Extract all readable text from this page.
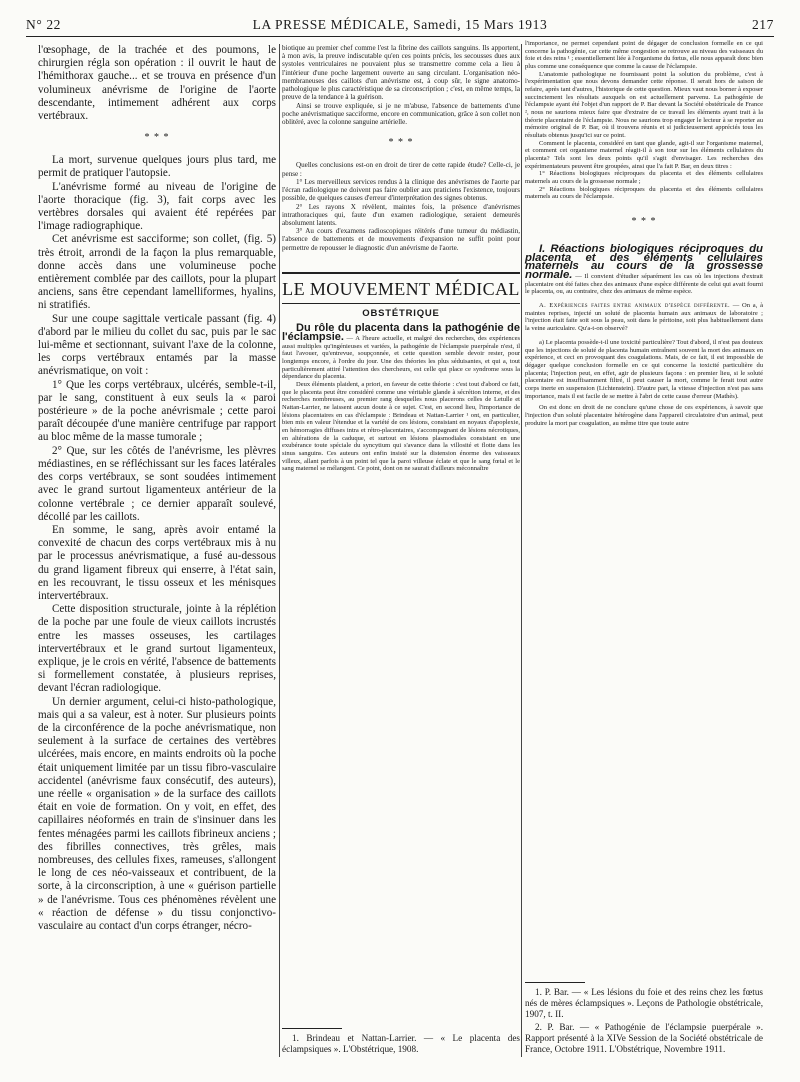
LA PRESSE MÉDICALE, Samedi, 15 Mars 1913
N° 22	217

l'œsophage, de la trachée et des poumons, le chirurgien régla son opération : il ouvrit le haut de l'hémithorax gauche... et se trouva en présence d'un volumineux anévrisme de l'origine de l'aorte descendante, intimement adhérent aux corps vertébraux.

* * *

La mort, survenue quelques jours plus tard, me permit de pratiquer l'autopsie.

L'anévrisme formé au niveau de l'origine de l'aorte thoracique (fig. 3), fait corps avec les vertèbres dorsales qui avaient été repérées par l'image radiographique.

Cet anévrisme est sacciforme; son collet, (fig. 5) très étroit, arrondi de la façon la plus remarquable, donne accès dans une volumineuse poche entièrement comblée par des caillots, pour la plupart anciens, sans être cependant lamelliformes, hyalins, ni stratifiés.

Sur une coupe sagittale verticale passant (fig. 4) d'abord par le milieu du collet du sac, puis par le sac lui-même et sectionnant, suivant l'axe de la colonne, les corps vertébraux entamés par la masse anévrismatique, on voit :

1° Que les corps vertébraux, ulcérés, semble-t-il, par le sang, constituent à eux seuls la « paroi postérieure » de la poche anévrismale ; cette paroi paraît découpée d'une manière centrifuge par rapport au bloc même de la masse tumorale ;

2° Que, sur les côtés de l'anévrisme, les plèvres médiastines, en se réfléchissant sur les faces latérales des corps vertébraux, se sont soudées intimement avec le grand surtout ligamenteux antérieur de la colonne vertébrale ; ce dernier apparaît soulevé, décollé par les caillots.

En somme, le sang, après avoir entamé la convexité de chacun des corps vertébraux mis à nu par le processus anévrismatique, a fusé au-dessous du grand ligament fibreux qui enserre, à l'état sain, en les recouvrant, le tissu osseux et les ménisques intervertébraux.

Cette disposition structurale, jointe à la réplétion de la poche par une foule de vieux caillots incrustés entre les masses osseuses, les cartilages intervertébraux et le grand surtout ligamenteux, explique, je le crois en vérité, l'absence de battements si formellement constatée, à plusieurs reprises, devant l'écran radiologique.

Un dernier argument, celui-ci histo-pathologique, mais qui a sa valeur, est à noter. Sur plusieurs points de la circonférence de la poche anévrismatique, non seulement à la surface de certaines des vertèbres ulcérées, mais encore, en maints endroits où la poche était uniquement limitée par un tissu fibro-vasculaire accidentel (anévrisme faux consécutif, des auteurs), une réelle « organisation » de la surface des caillots était en voie de formation. On y voit, en effet, des capillaires néoformés en train de s'insinuer dans les fentes ménagées parmi les caillots fibrineux anciens ; des fibrilles connectives, très grêles, mais nombreuses, des cellules fixes, rameuses, s'allongent le long de ces néo-vaisseaux et contribuent, de la sorte, à la circonscription, à une « guérison partielle » de l'anévrisme. Tous ces phénomènes révèlent une « réaction de défense » du tissu conjonctivo-vasculaire au contact d'un corps étranger, nécro-

biotique au premier chef comme l'est la fibrine des caillots sanguins. Ils apportent, à mon avis, la preuve indiscutable qu'en ces points précis, les secousses dues aux systoles ventriculaires ne pouvaient plus se transmettre comme cela a lieu à l'intérieur d'une poche largement ouverte au sang circulant. L'organisation néo-membraneuses des caillots d'un anévrisme est, à coup sûr, le signe anatomo-pathologique le plus caractéristique de sa circonscription ; c'est, en même temps, la preuve de la tendance à la guérison.

Ainsi se trouve expliquée, si je ne m'abuse, l'absence de battements d'une poche anévrismatique sacciforme, encore en communication, grâce à son collet non oblitéré, avec la colonne sanguine artérielle.

* * *

Quelles conclusions est-on en droit de tirer de cette rapide étude? Celle-ci, je pense :

1° Les merveilleux services rendus à la clinique des anévrismes de l'aorte par l'écran radiologique ne doivent pas faire oublier aux praticiens l'existence, toujours possible, de quelques causes d'erreur d'interprétation des signes obtenus.

2° Les rayons X révèlent, maintes fois, la présence d'anévrismes intrathoraciques qui, faute d'un examen radiologique, seraient demeurés absolument latents.

3° Au cours d'examens radioscopiques réitérés d'une tumeur du médiastin, l'absence de battements et de mouvements d'expansion ne suffit point pour permettre de repousser le diagnostic d'un anévrisme de l'aorte.

LE MOUVEMENT MÉDICAL
OBSTÉTRIQUE

Du rôle du placenta dans la pathogénie de l'éclampsie. — A l'heure actuelle, et malgré des recherches, des expériences aussi multiples qu'ingénieuses et variées, la pathogénie de l'éclampsie puerpérale n'est, il faut l'avouer, qu'entrevue, soupçonnée, et cette question semble devoir rester, pour longtemps encore, à l'ordre du jour. Une des théories les plus séduisantes, et qui a, tout particulièrement attiré l'attention des chercheurs, est celle qui place ce syndrome sous la dépendance du placenta.

Deux éléments plaident, a priori, en faveur de cette théorie : c'est tout d'abord ce fait, que le placenta peut être considéré comme une véritable glande à sécrétion interne, et des recherches nombreuses, au premier rang desquelles nous placerons celles de Letulle et Nattan-Larrier, ne laissent aucun doute à ce sujet. C'est, en second lieu, l'importance de lésions placentaires en cas d'éclampsie : Brindeau et Nattan-Larrier ¹ ont, en particulier, bien mis en valeur l'étendue et la variété de ces lésions, consistant en noyaux d'apoplexie, en hémorragies diffuses intra et rétro-placentaires, s'accompagnant de lésions nécrotiques, en altérations de la caduque, et surtout en lésions plasmodiales consistant en une exubérance toute spéciale du syncytium qui s'avance dans la villosité et flotte dans les sinus sanguins. Ces auteurs ont enfin insisté sur la distension énorme des vaisseaux villeux, allant parfois à un point tel que la paroi villeuse éclate et que le sang fœtal et le sang maternel se mélangent. Ce point, dont on ne saurait d'ailleurs méconnaître

1. Brindeau et Nattan-Larrier. — « Le placenta des éclampsiques ». L'Obstétrique, 1908.

l'importance, ne permet cependant point de dégager de conclusion formelle en ce qui concerne la pathogénie, car cette même congestion se retrouve au niveau des vaisseaux du foie et des reins ¹ ; essentiellement liée à l'organisme du fœtus, elle nous apparaît donc bien plus comme une conséquence que comme la cause de l'éclampsie.

L'anatomie pathologique ne fournissant point la solution du problème, c'est à l'expérimentation que nous devons demander cette réponse. Il serait hors de saison de refaire, après tant d'autres, l'historique de cette question. Mieux vaut nous borner à exposer succinctement les résultats auxquels on est actuellement parvenu. La pathogénie de l'éclampsie ayant été l'objet d'un rapport de P. Bar devant la Société obstétricale de France ², nous ne saurions mieux faire que d'extraire de ce travail les éléments ayant trait à la théorie placentaire de l'éclampsie. Nous ne saurions trop engager le lecteur à se reporter au mémoire original de P. Bar, où il trouvera réunis et si judicieusement appréciés tous les résultats obtenus jusqu'ici sur ce point.

Comment le placenta, considéré en tant que glande, agit-il sur l'organisme maternel, et comment cet organisme maternel réagit-il à son tour sur les éléments cellulaires du placenta? Tels sont les deux points qu'il s'agit d'envisager. Les recherches des expérimentateurs peuvent être groupées, ainsi que l'a fait P. Bar, en deux titres :

1° Réactions biologiques réciproques du placenta et des éléments cellulaires maternels au cours de la grossesse normale ;

2° Réactions biologiques réciproques du placenta et des éléments cellulaires maternels au cours de l'éclampsie.

* * *

I. Réactions biologiques réciproques du placenta et des éléments cellulaires maternels au cours de la grossesse normale. — Il convient d'étudier séparément les cas où les injections d'extrait placentaire ont été faites chez des animaux d'une espèce différente de celui qui avait fourni le placenta, ou, au contraire, chez des animaux de même espèce.

A. Expériences faites entre animaux d'espèce différente. — On a, à maintes reprises, injecté un soluté de placenta humain aux animaux de laboratoire ; l'injection était faite soit sous la peau, soit dans le péritoine, soit plus habituellement dans la veine auriculaire. Qu'a-t-on observé?

a) Le placenta possède-t-il une toxicité particulière? Tout d'abord, il n'est pas douteux que les injections de soluté de placenta humain entraînent souvent la mort des animaux en expérience, et ceci en provoquant des coagulations. Mais, de ce fait, il est impossible de dégager quelque conclusion formelle en ce qui concerne la toxicité particulière du placenta; l'injection peut, en effet, agir de plusieurs façons : en premier lieu, si le soluté placentaire est insuffisamment filtré, il peut causer la mort, comme le ferait tout autre corps inerte en suspension (Lichtenstein). D'autre part, la vitesse d'injection n'est pas sans importance, mais il est facile de se mettre à l'abri de cette cause d'erreur (Mathès).

On est donc en droit de ne conclure qu'une chose de ces expériences, à savoir que l'injection d'un soluté placentaire hétérogène dans l'appareil circulatoire d'un animal, peut produire la mort par coagulation, au même titre que toute autre

1. P. Bar. — « Les lésions du foie et des reins chez les fœtus nés de mères éclampsiques ». Leçons de Pathologie obstétricale, 1907, t. II.

2. P. Bar. — « Pathogénie de l'éclampsie puerpérale ». Rapport présenté à la XIVe Session de la Société obstétricale de France, Octobre 1911. L'Obstétrique, Novembre 1911.
